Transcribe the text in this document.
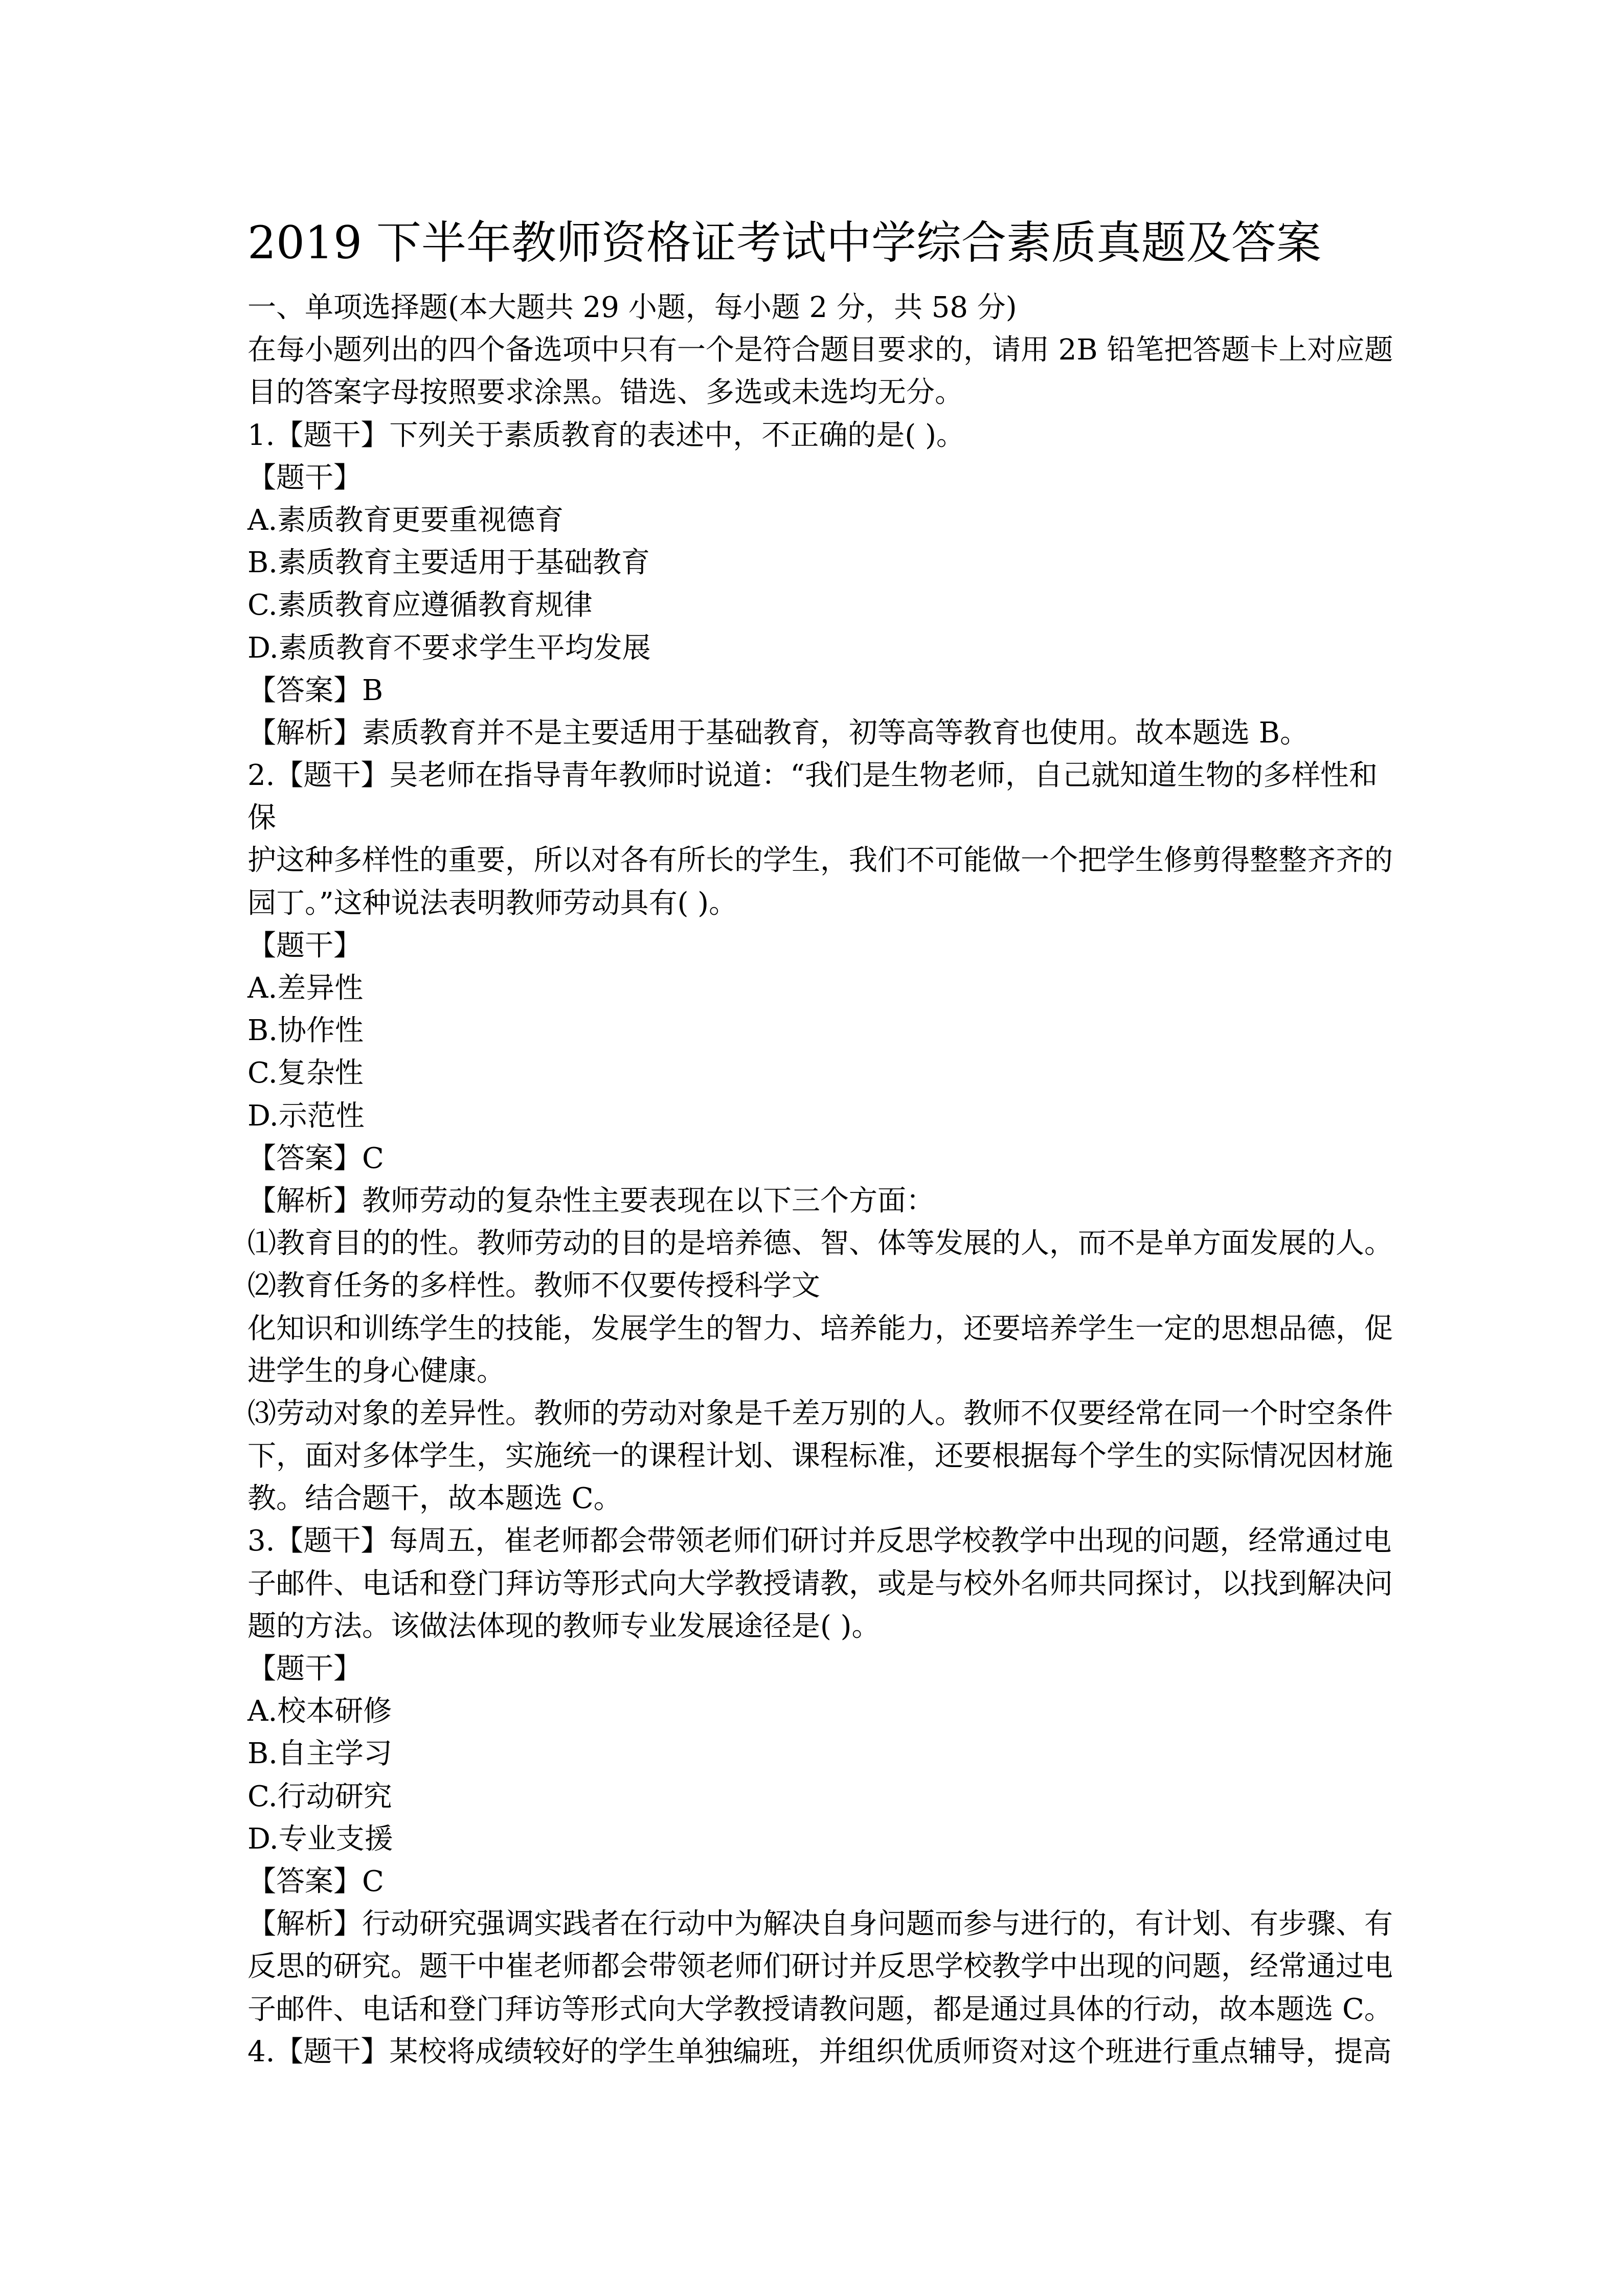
2019 下半年教师资格证考试中学综合素质真题及答案
一、单项选择题(本大题共 29 小题，每小题 2 分，共 58 分)
在每小题列出的四个备选项中只有一个是符合题目要求的，请用 2B 铅笔把答题卡上对应题
目的答案字母按照要求涂黑。错选、多选或未选均无分。
1.【题干】下列关于素质教育的表述中，不正确的是( )。
【题干】
A.素质教育更要重视德育
B.素质教育主要适用于基础教育
C.素质教育应遵循教育规律
D.素质教育不要求学生平均发展
【答案】B
【解析】素质教育并不是主要适用于基础教育，初等高等教育也使用。故本题选 B。
2.【题干】吴老师在指导青年教师时说道：“我们是生物老师，自己就知道生物的多样性和
保
护这种多样性的重要，所以对各有所长的学生，我们不可能做一个把学生修剪得整整齐齐的
园丁。”这种说法表明教师劳动具有( )。
【题干】
A.差异性
B.协作性
C.复杂性
D.示范性
【答案】C
【解析】教师劳动的复杂性主要表现在以下三个方面：
⑴教育目的的性。教师劳动的目的是培养德、智、体等发展的人，而不是单方面发展的人。
⑵教育任务的多样性。教师不仅要传授科学文
化知识和训练学生的技能，发展学生的智力、培养能力，还要培养学生一定的思想品德，促
进学生的身心健康。
⑶劳动对象的差异性。教师的劳动对象是千差万别的人。教师不仅要经常在同一个时空条件
下，面对多体学生，实施统一的课程计划、课程标准，还要根据每个学生的实际情况因材施
教。结合题干，故本题选 C。
3.【题干】每周五，崔老师都会带领老师们研讨并反思学校教学中出现的问题，经常通过电
子邮件、电话和登门拜访等形式向大学教授请教，或是与校外名师共同探讨，以找到解决问
题的方法。该做法体现的教师专业发展途径是( )。
【题干】
A.校本研修
B.自主学习
C.行动研究
D.专业支援
【答案】C
【解析】行动研究强调实践者在行动中为解决自身问题而参与进行的，有计划、有步骤、有
反思的研究。题干中崔老师都会带领老师们研讨并反思学校教学中出现的问题，经常通过电
子邮件、电话和登门拜访等形式向大学教授请教问题，都是通过具体的行动，故本题选 C。
4.【题干】某校将成绩较好的学生单独编班，并组织优质师资对这个班进行重点辅导，提高
